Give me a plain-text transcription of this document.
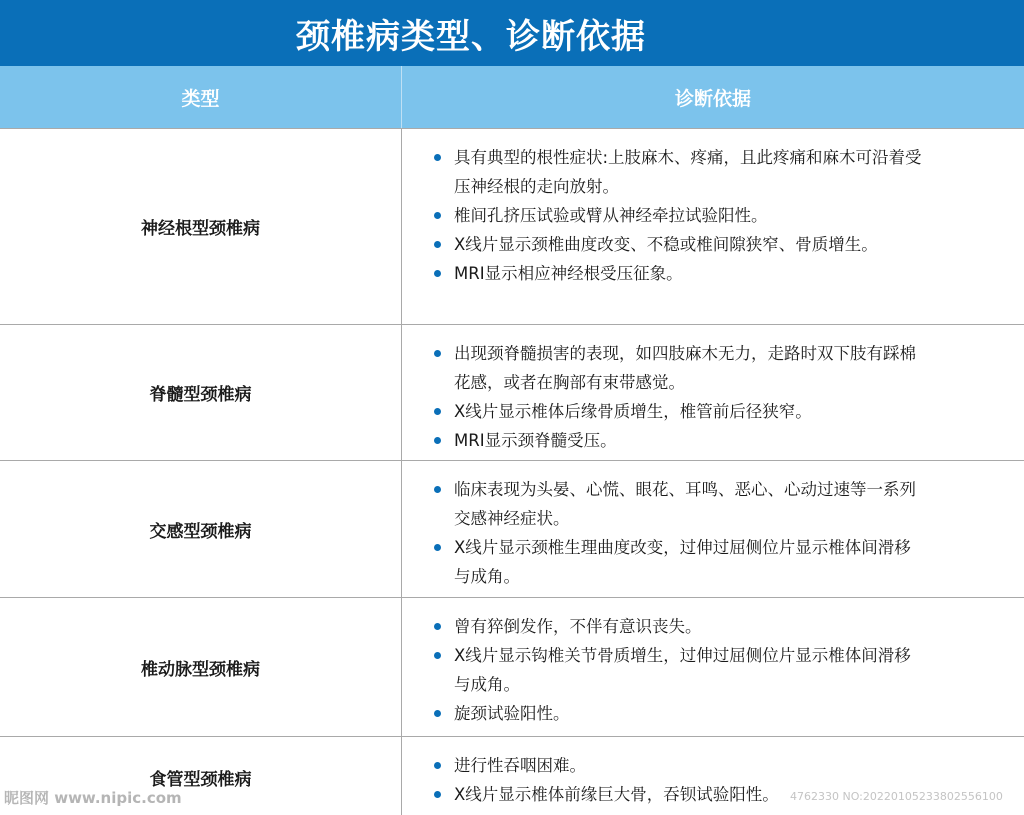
颈椎病类型、诊断依据
类型	诊断依据
神经根型颈椎病
具有典型的根性症状:上肢麻木、疼痛，且此疼痛和麻木可沿着受压神经根的走向放射。
椎间孔挤压试验或臂从神经牵拉试验阳性。
X线片显示颈椎曲度改变、不稳或椎间隙狭窄、骨质增生。
MRI显示相应神经根受压征象。
脊髓型颈椎病
出现颈脊髓损害的表现，如四肢麻木无力，走路时双下肢有踩棉花感，或者在胸部有束带感觉。
X线片显示椎体后缘骨质增生，椎管前后径狭窄。
MRI显示颈脊髓受压。
交感型颈椎病
临床表现为头晏、心慌、眼花、耳鸣、恶心、心动过速等一系列交感神经症状。
X线片显示颈椎生理曲度改变，过伸过屈侧位片显示椎体间滑移与成角。
椎动脉型颈椎病
曾有猝倒发作，不伴有意识丧失。
X线片显示钩椎关节骨质增生，过伸过屈侧位片显示椎体间滑移与成角。
旋颈试验阳性。
食管型颈椎病
进行性吞咽困难。
X线片显示椎体前缘巨大骨，吞钡试验阳性。
昵图网 www.nipic.com	4762330 NO:20220105233802556100
